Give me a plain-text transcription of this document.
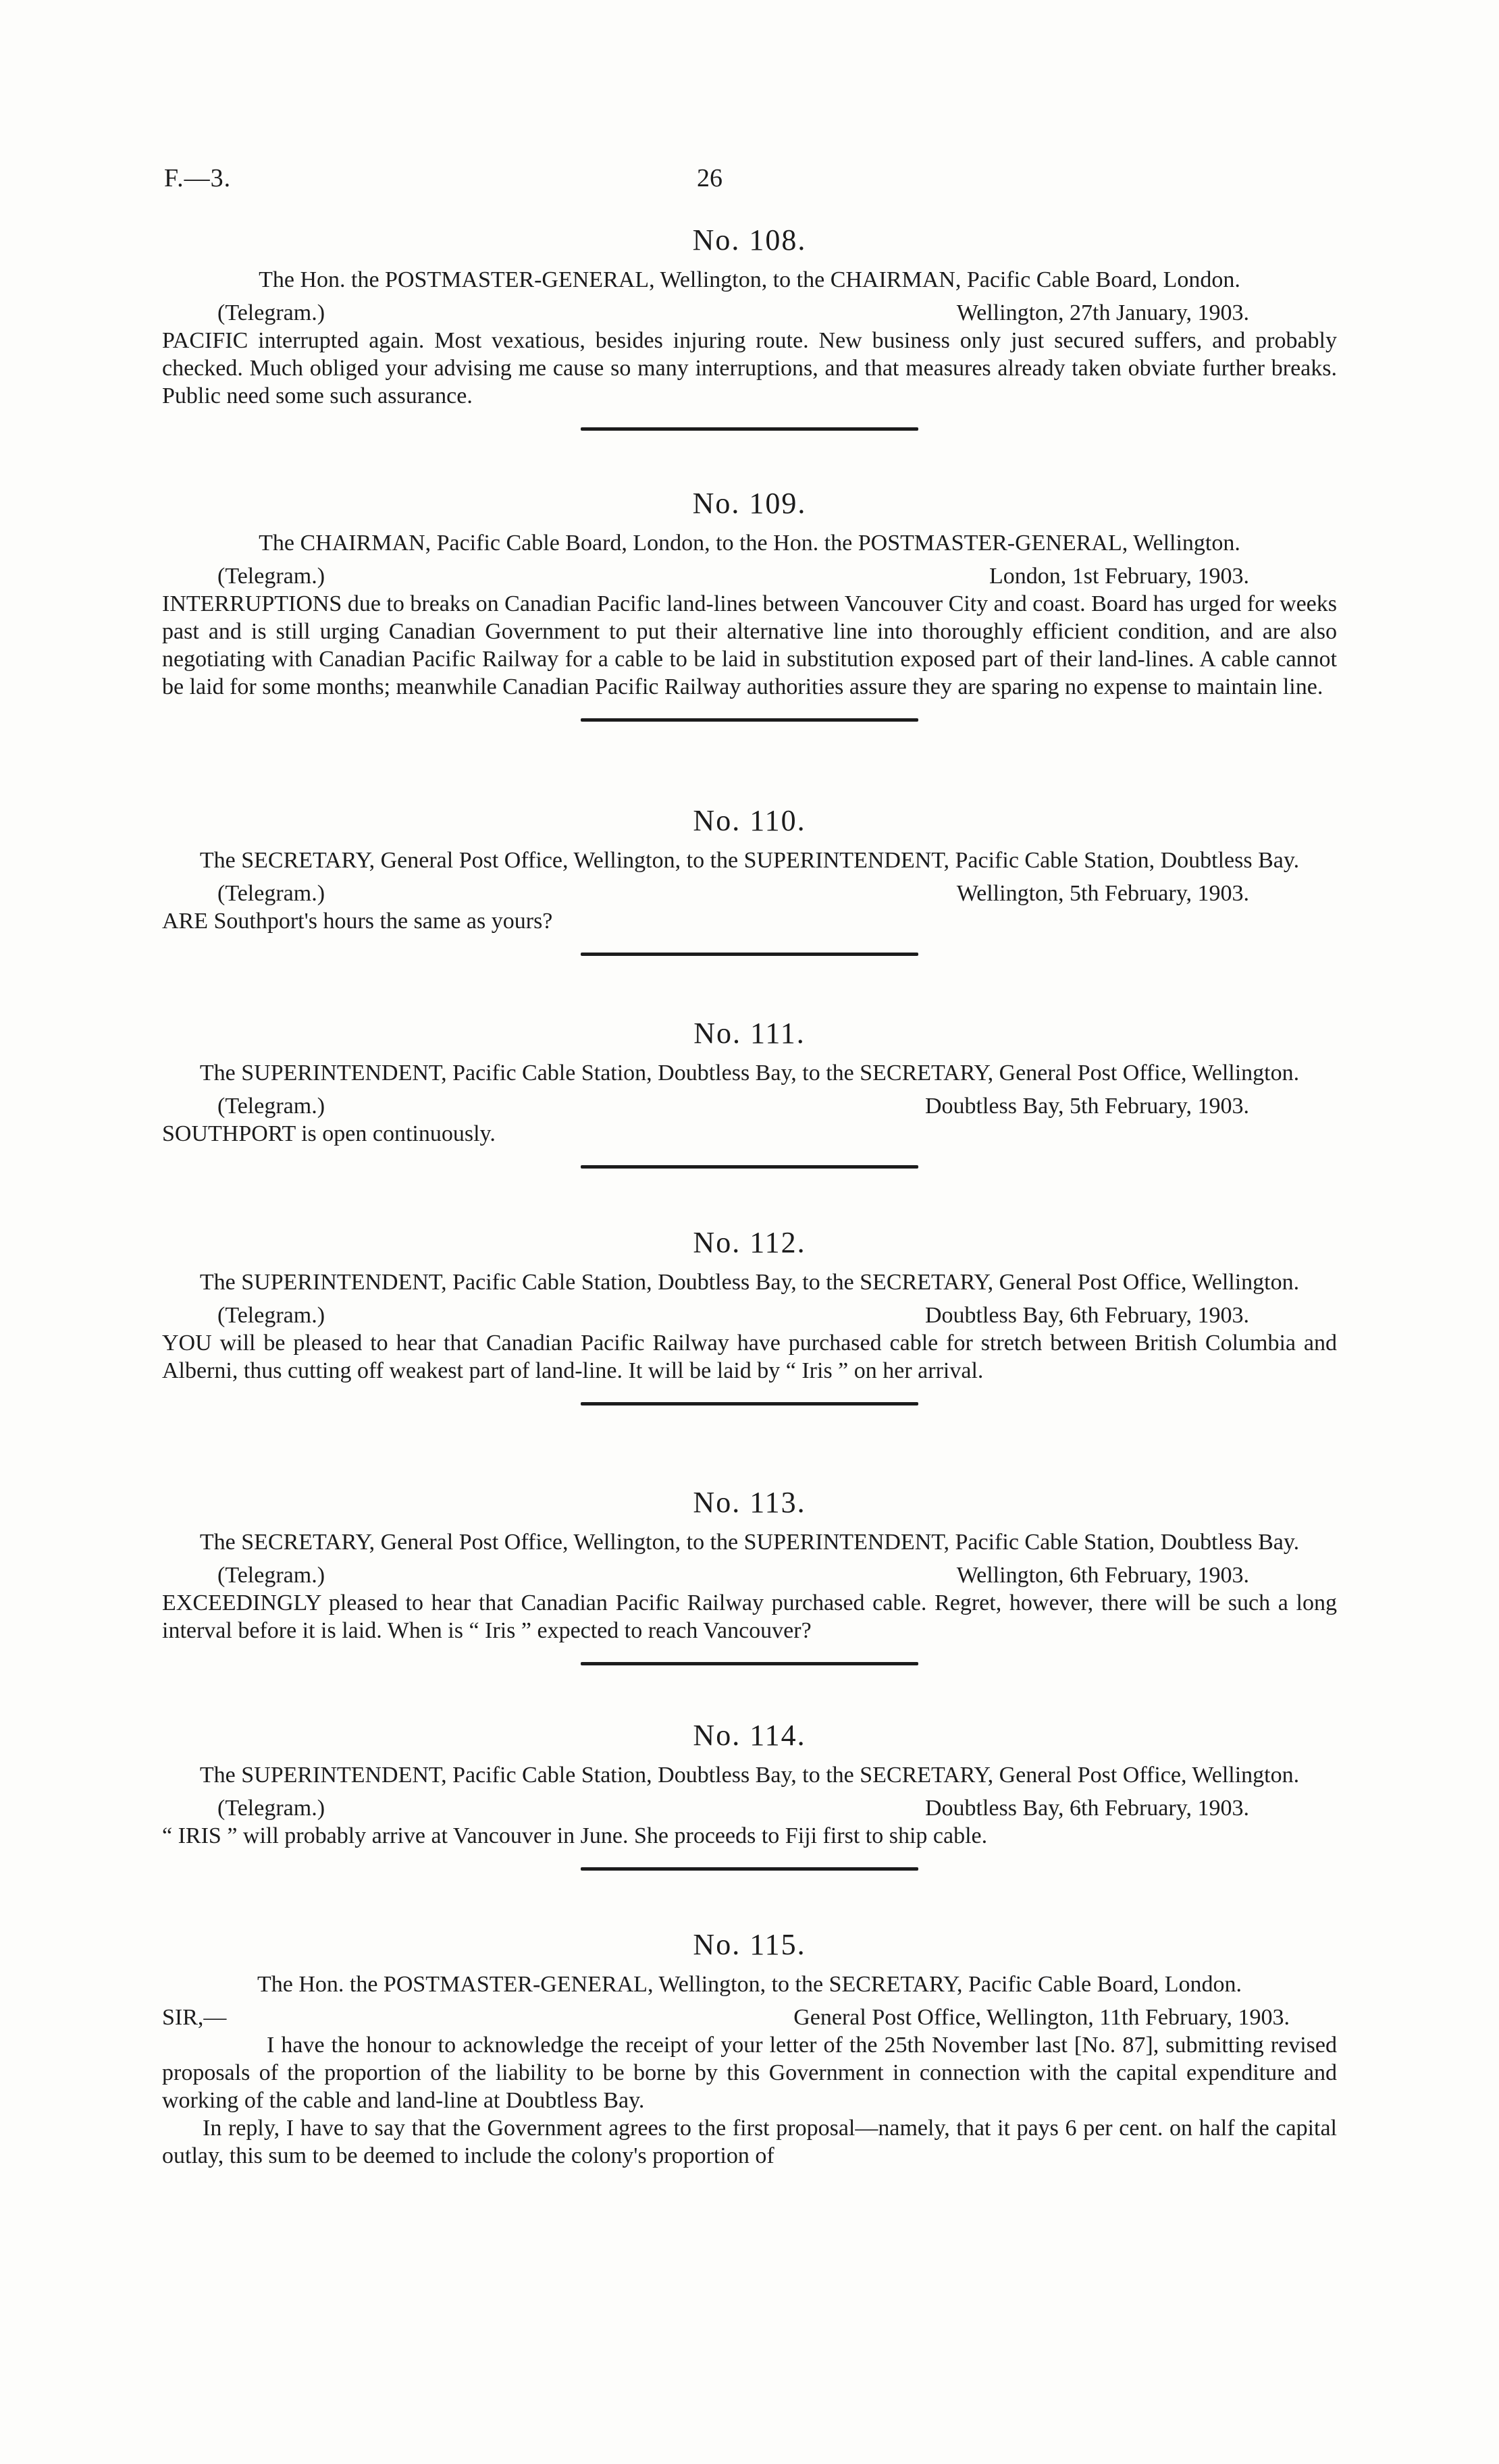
F.—3.	26
No. 108.

The Hon. the POSTMASTER-GENERAL, Wellington, to the CHAIRMAN, Pacific Cable Board, London.

(Telegram.)	Wellington, 27th January, 1903.

PACIFIC interrupted again. Most vexatious, besides injuring route. New business only just secured suffers, and probably checked. Much obliged your advising me cause so many interruptions, and that measures already taken obviate further breaks. Public need some such assurance.

No. 109.

The CHAIRMAN, Pacific Cable Board, London, to the Hon. the POSTMASTER-GENERAL, Wellington.

(Telegram.)	London, 1st February, 1903.

INTERRUPTIONS due to breaks on Canadian Pacific land-lines between Vancouver City and coast. Board has urged for weeks past and is still urging Canadian Government to put their alternative line into thoroughly efficient condition, and are also negotiating with Canadian Pacific Railway for a cable to be laid in substitution exposed part of their land-lines. A cable cannot be laid for some months; meanwhile Canadian Pacific Railway authorities assure they are sparing no expense to maintain line.

No. 110.

The SECRETARY, General Post Office, Wellington, to the SUPERINTENDENT, Pacific Cable Station, Doubtless Bay.

(Telegram.)	Wellington, 5th February, 1903.

ARE Southport's hours the same as yours?

No. 111.

The SUPERINTENDENT, Pacific Cable Station, Doubtless Bay, to the SECRETARY, General Post Office, Wellington.

(Telegram.)	Doubtless Bay, 5th February, 1903.

SOUTHPORT is open continuously.

No. 112.

The SUPERINTENDENT, Pacific Cable Station, Doubtless Bay, to the SECRETARY, General Post Office, Wellington.

(Telegram.)	Doubtless Bay, 6th February, 1903.

YOU will be pleased to hear that Canadian Pacific Railway have purchased cable for stretch between British Columbia and Alberni, thus cutting off weakest part of land-line. It will be laid by “ Iris ” on her arrival.

No. 113.

The SECRETARY, General Post Office, Wellington, to the SUPERINTENDENT, Pacific Cable Station, Doubtless Bay.

(Telegram.)	Wellington, 6th February, 1903.

EXCEEDINGLY pleased to hear that Canadian Pacific Railway purchased cable. Regret, however, there will be such a long interval before it is laid. When is “ Iris ” expected to reach Vancouver?

No. 114.

The SUPERINTENDENT, Pacific Cable Station, Doubtless Bay, to the SECRETARY, General Post Office, Wellington.

(Telegram.)	Doubtless Bay, 6th February, 1903.

“ IRIS ” will probably arrive at Vancouver in June. She proceeds to Fiji first to ship cable.

No. 115.

The Hon. the POSTMASTER-GENERAL, Wellington, to the SECRETARY, Pacific Cable Board, London.

SIR,—	General Post Office, Wellington, 11th February, 1903.

I have the honour to acknowledge the receipt of your letter of the 25th November last [No. 87], submitting revised proposals of the proportion of the liability to be borne by this Government in connection with the capital expenditure and working of the cable and land-line at Doubtless Bay.

In reply, I have to say that the Government agrees to the first proposal—namely, that it pays 6 per cent. on half the capital outlay, this sum to be deemed to include the colony's proportion of
